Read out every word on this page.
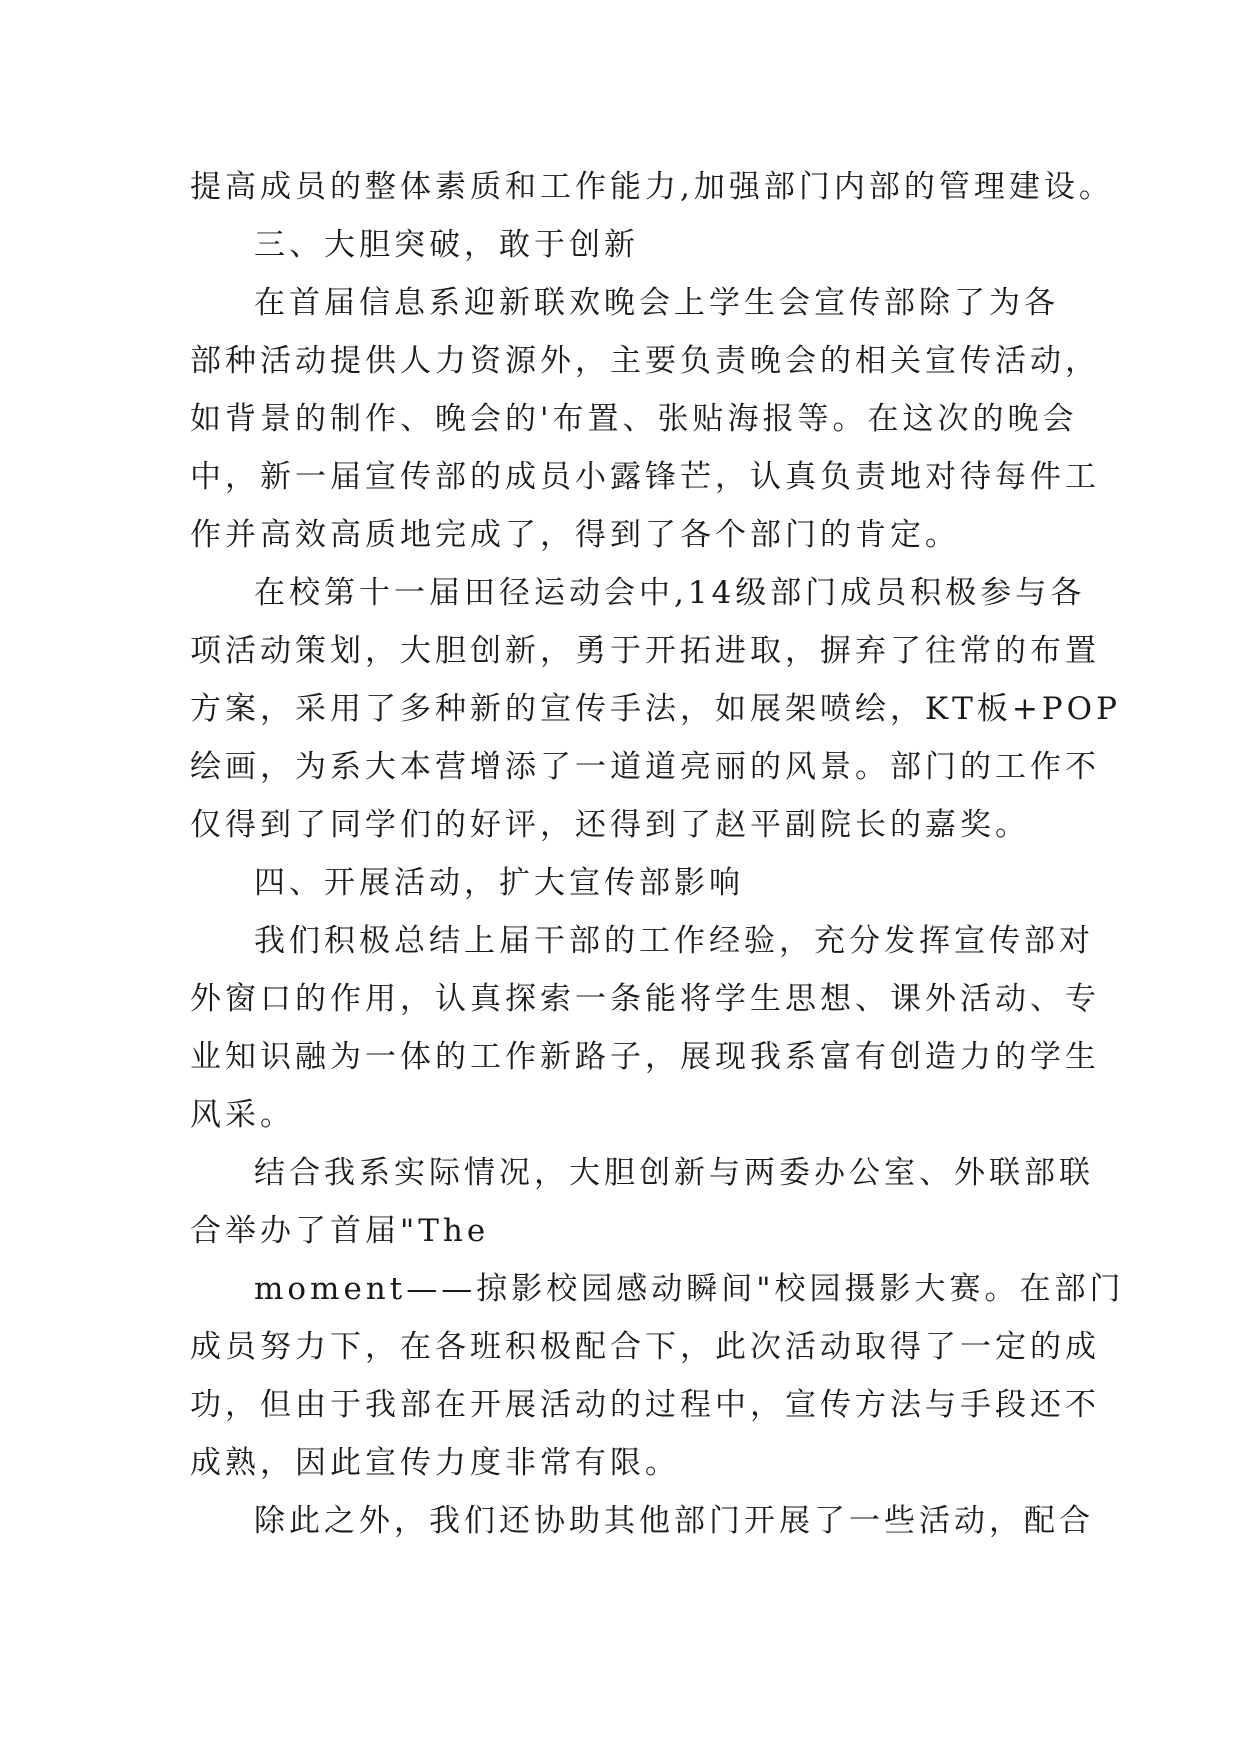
提高成员的整体素质和工作能力,加强部门内部的管理建设。
三、大胆突破，敢于创新
在首届信息系迎新联欢晚会上学生会宣传部除了为各
部种活动提供人力资源外，主要负责晚会的相关宣传活动，
如背景的制作、晚会的'布置、张贴海报等。在这次的晚会
中，新一届宣传部的成员小露锋芒，认真负责地对待每件工
作并高效高质地完成了，得到了各个部门的肯定。
在校第十一届田径运动会中,14级部门成员积极参与各
项活动策划，大胆创新，勇于开拓进取，摒弃了往常的布置
方案，采用了多种新的宣传手法，如展架喷绘，KT板+POP
绘画，为系大本营增添了一道道亮丽的风景。部门的工作不
仅得到了同学们的好评，还得到了赵平副院长的嘉奖。
四、开展活动，扩大宣传部影响
我们积极总结上届干部的工作经验，充分发挥宣传部对
外窗口的作用，认真探索一条能将学生思想、课外活动、专
业知识融为一体的工作新路子，展现我系富有创造力的学生
风采。
结合我系实际情况，大胆创新与两委办公室、外联部联
合举办了首届"The
moment——掠影校园感动瞬间"校园摄影大赛。在部门
成员努力下，在各班积极配合下，此次活动取得了一定的成
功，但由于我部在开展活动的过程中，宣传方法与手段还不
成熟，因此宣传力度非常有限。
除此之外，我们还协助其他部门开展了一些活动，配合
